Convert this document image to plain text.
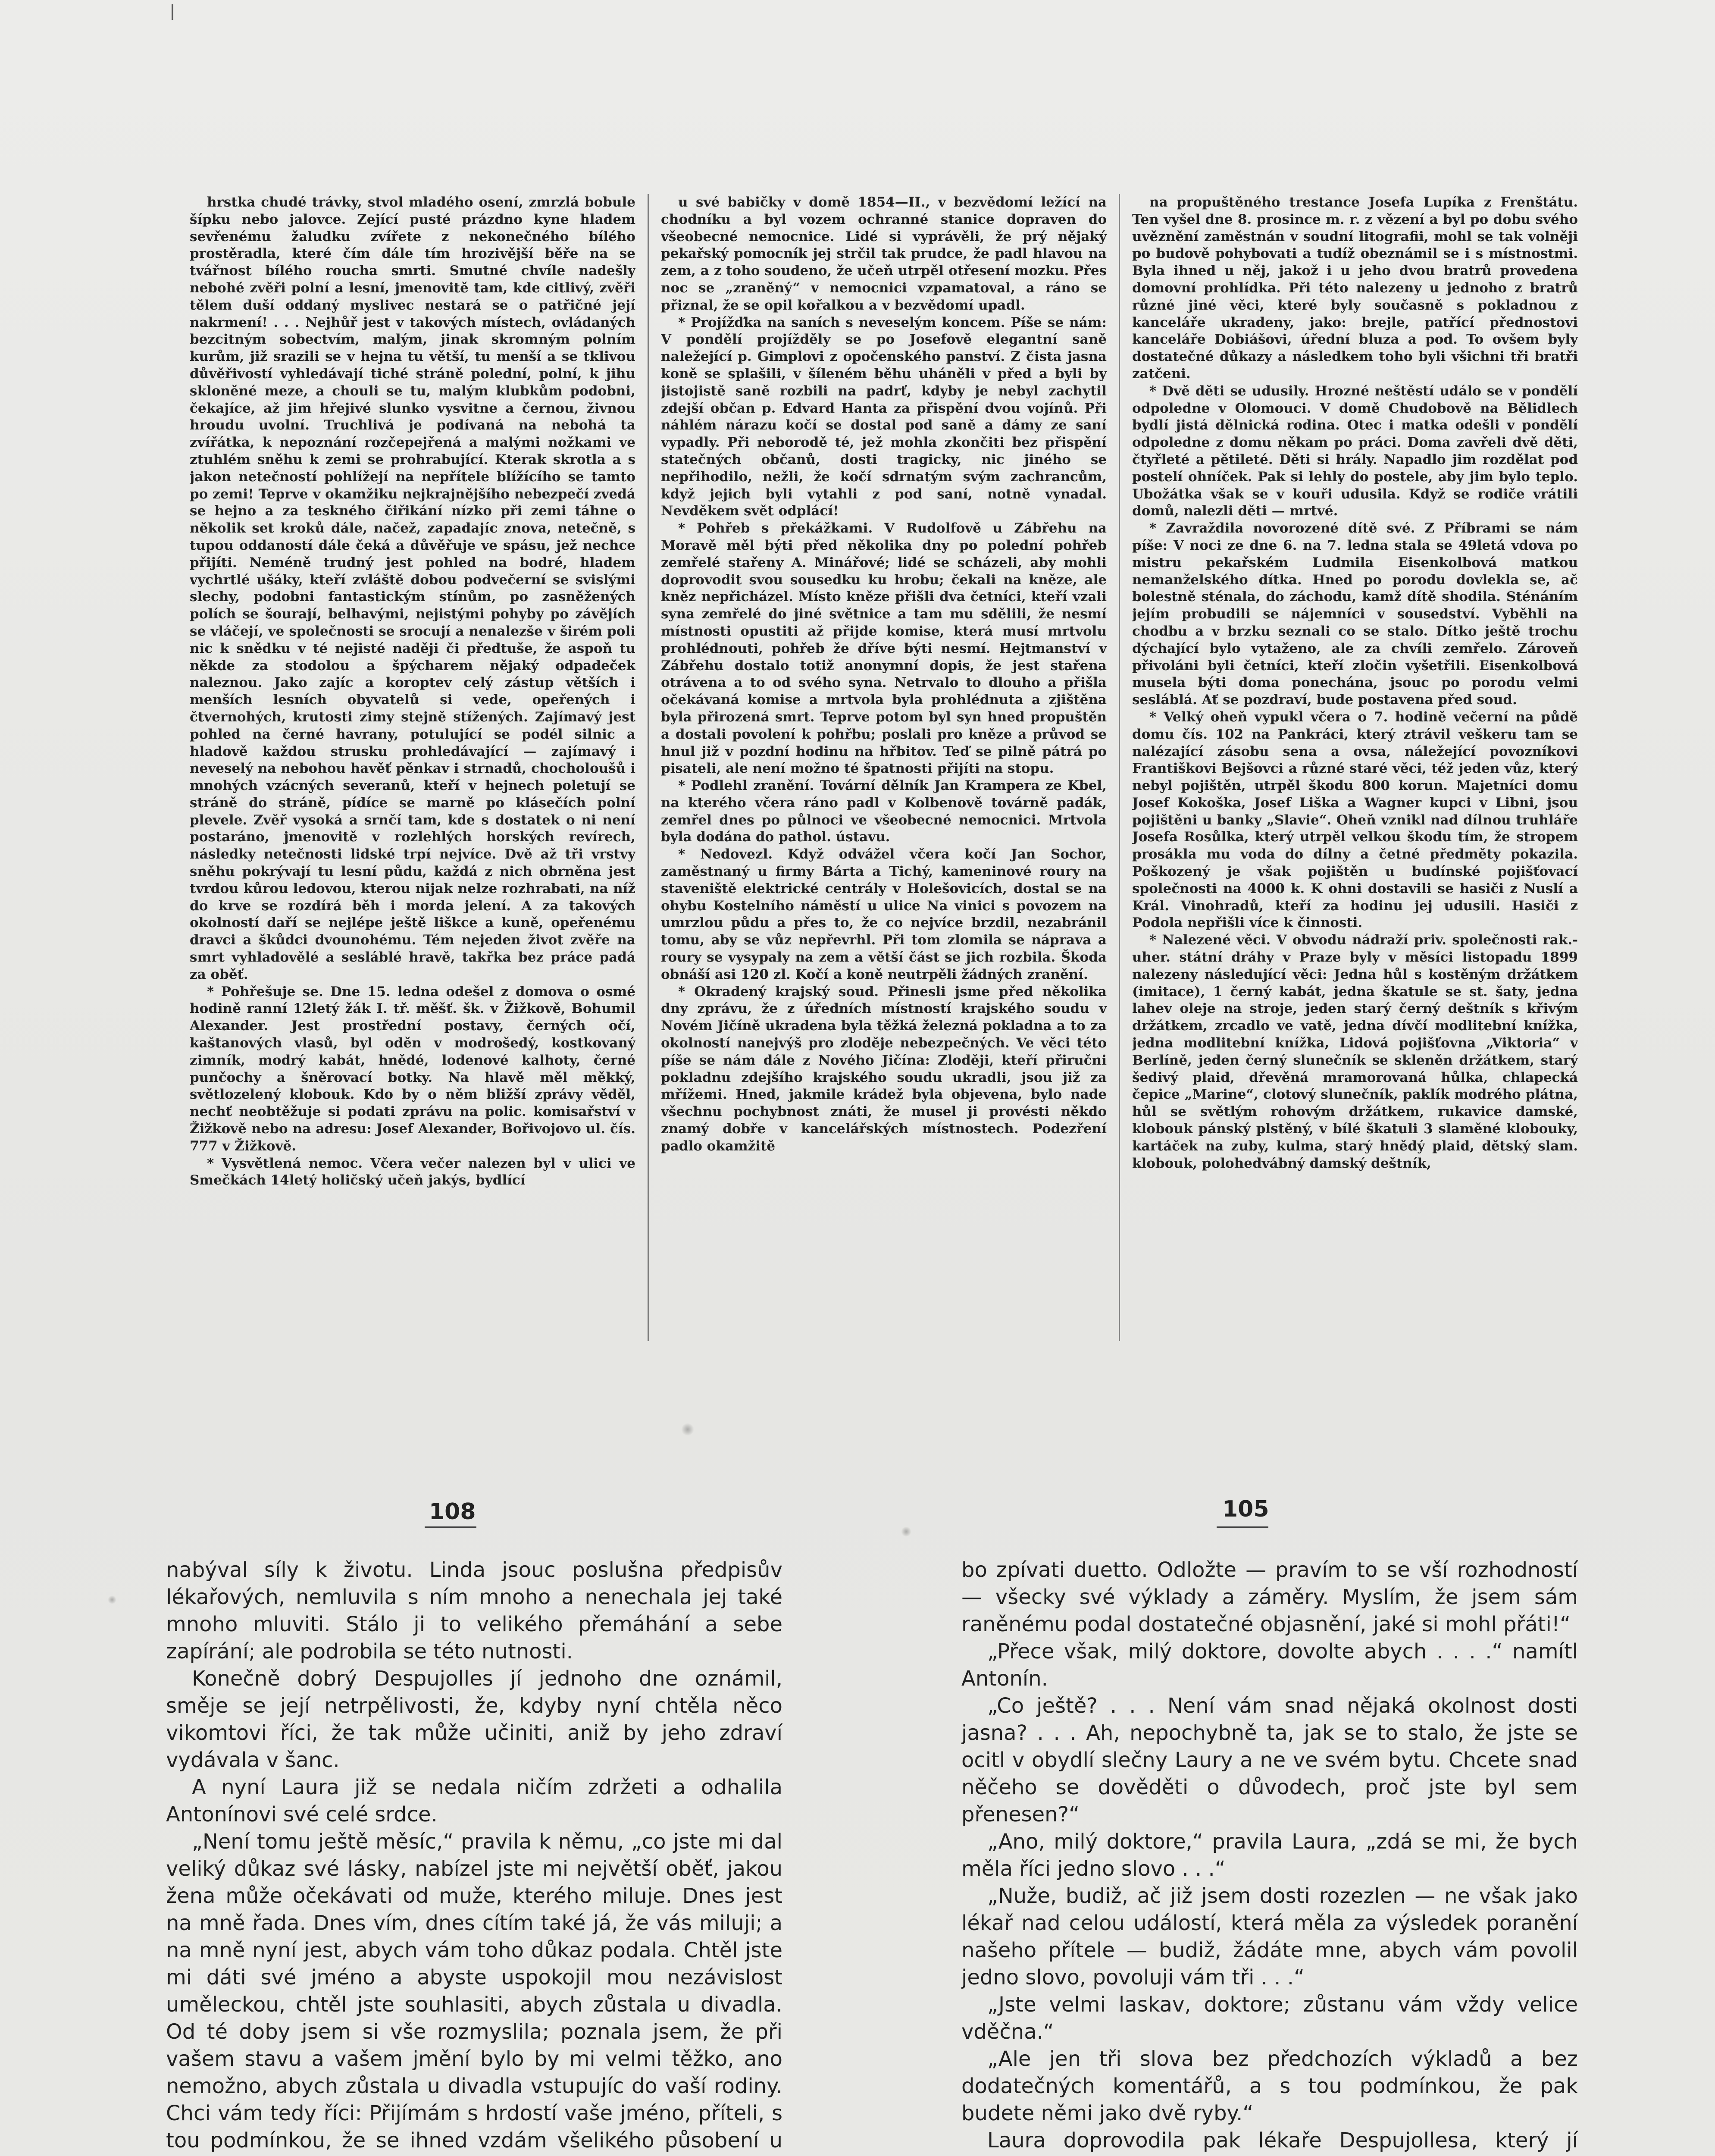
hrstka chudé trávky, stvol mladého osení, zmrzlá bobule šípku nebo jalovce. Zející pusté prázdno kyne hladem sevřenému žaludku zvířete z nekonečného bílého prostěradla, které čím dále tím hrozivější běře na se tvářnost bílého roucha smrti. Smutné chvíle nadešly nebohé zvěři polní a lesní, jmenovitě tam, kde citlivý, zvěři tělem duší oddaný myslivec nestará se o patřičné její nakrmení! . . . Nejhůř jest v takových místech, ovládaných bezcitným sobectvím, malým, jinak skromným polním kurům, již srazili se v hejna tu větší, tu menší a se tklivou důvěřivostí vyhledávají tiché stráně polední, polní, k jihu skloněné meze, a chouli se tu, malým klubkům podobni, čekajíce, až jim hřejivé slunko vysvitne a černou, živnou hroudu uvolní. Truchlivá je podívaná na nebohá ta zvířátka, k nepoznání rozčepejřená a malými nožkami ve ztuhlém sněhu k zemi se prohrabující. Kterak skrotla a s jakon netečností pohlížejí na nepřítele blížícího se tamto po zemi! Teprve v okamžiku nejkrajnějšího nebezpečí zvedá se hejno a za teskného čiřikání nízko při zemi táhne o několik set kroků dále, načež, zapadajíc znova, netečně, s tupou oddaností dále čeká a důvěřuje ve spásu, jež nechce přijíti. Neméně trudný jest pohled na bodré, hladem vychrtlé ušáky, kteří zvláště dobou podvečerní se svislými slechy, podobni fantastickým stínům, po zasněžených polích se šourají, belhavými, nejistými pohyby po závějích se vláčejí, ve společnosti se srocují a nenalezše v širém poli nic k snědku v té nejisté naději či předtuše, že aspoň tu někde za stodolou a špýcharem nějaký odpadeček naleznou. Jako zajíc a koroptev celý zástup větších i menších lesních obyvatelů si vede, opeřených i čtvernohých, krutosti zimy stejně stížených. Zajímavý jest pohled na černé havrany, potulující se podél silnic a hladově každou strusku prohledávající — zajímavý i neveselý na nebohou havěť pěnkav i strnadů, chocholoušů i mnohých vzácných severanů, kteří v hejnech poletují se stráně do stráně, pídíce se marně po klásečích polní plevele. Zvěř vysoká a srnčí tam, kde s dostatek o ni není postaráno, jmenovitě v rozlehlých horských revírech, následky netečnosti lidské trpí nejvíce. Dvě až tři vrstvy sněhu pokrývají tu lesní půdu, každá z nich obrněna jest tvrdou kůrou ledovou, kterou nijak nelze rozhrabati, na níž do krve se rozdírá běh i morda jelení. A za takových okolností daří se nejlépe ještě liškce a kuně, opeřenému dravci a škůdci dvounohému. Tém nejeden život zvěře na smrt vyhladovělé a sesláblé hravě, takřka bez práce padá za oběť.

* Pohřešuje se. Dne 15. ledna odešel z domova o osmé hodině ranní 12letý žák I. tř. měšť. šk. v Žižkově, Bohumil Alexander. Jest prostřední postavy, černých očí, kaštanových vlasů, byl oděn v modrošedý, kostkovaný zimník, modrý kabát, hnědé, lodenové kalhoty, černé punčochy a šněrovací botky. Na hlavě měl měkký, světlozelený klobouk. Kdo by o něm bližší zprávy věděl, nechť neobtěžuje si podati zprávu na polic. komisařství v Žižkově nebo na adresu: Josef Alexander, Bořivojovo ul. čís. 777 v Žižkově.

* Vysvětlená nemoc. Včera večer nalezen byl v ulici ve Smečkách 14letý holičský učeň jakýs, bydlící

u své babičky v domě 1854—II., v bezvědomí ležící na chodníku a byl vozem ochranné stanice dopraven do všeobecné nemocnice. Lidé si vyprávěli, že prý nějaký pekařský pomocník jej strčil tak prudce, že padl hlavou na zem, a z toho soudeno, že učeň utrpěl otřesení mozku. Přes noc se „zraněný“ v nemocnici vzpamatoval, a ráno se přiznal, že se opil kořalkou a v bezvědomí upadl.

* Projížďka na saních s neveselým koncem. Píše se nám: V pondělí projížděly se po Josefově elegantní saně naležející p. Gimplovi z opočenského panství. Z čista jasna koně se splašili, v šíleném běhu uháněli v před a byli by jistojistě saně rozbili na padrť, kdyby je nebyl zachytil zdejší občan p. Edvard Hanta za přispění dvou vojínů. Při náhlém nárazu kočí se dostal pod saně a dámy ze saní vypadly. Při neborodě té, jež mohla zkončiti bez přispění statečných občanů, dosti tragicky, nic jiného se nepřihodilo, nežli, že kočí sdrnatým svým zachrancům, když jejich byli vytahli z pod saní, notně vynadal. Nevděkem svět odplácí!

* Pohřeb s překážkami. V Rudolfově u Zábřehu na Moravě měl býti před několika dny po polední pohřeb zemřelé stařeny A. Minářové; lidé se scházeli, aby mohli doprovodit svou sousedku ku hrobu; čekali na kněze, ale kněz nepřicházel. Místo kněze přišli dva četníci, kteří vzali syna zemřelé do jiné světnice a tam mu sdělili, že nesmí místnosti opustiti až přijde komise, která musí mrtvolu prohlédnouti, pohřeb že dříve býti nesmí. Hejtmanství v Zábřehu dostalo totiž anonymní dopis, že jest stařena otrávena a to od svého syna. Netrvalo to dlouho a přišla očekávaná komise a mrtvola byla prohlédnuta a zjištěna byla přirozená smrt. Teprve potom byl syn hned propuštěn a dostali povolení k pohřbu; poslali pro kněze a průvod se hnul již v pozdní hodinu na hřbitov. Teď se pilně pátrá po pisateli, ale není možno té špatnosti přijíti na stopu.

* Podlehl zranění. Tovární dělník Jan Krampera ze Kbel, na kterého včera ráno padl v Kolbenově továrně padák, zemřel dnes po půlnoci ve všeobecné nemocnici. Mrtvola byla dodána do pathol. ústavu.

* Nedovezl. Když odvážel včera kočí Jan Sochor, zaměstnaný u firmy Bárta a Tichý, kameninové roury na staveniště elektrické centrály v Holešovicích, dostal se na ohybu Kostelního náměstí u ulice Na vinici s povozem na umrzlou půdu a přes to, že co nejvíce brzdil, nezabránil tomu, aby se vůz nepřevrhl. Při tom zlomila se náprava a roury se vysypaly na zem a větší část se jich rozbila. Škoda obnáší asi 120 zl. Kočí a koně neutrpěli žádných zranění.

* Okradený krajský soud. Přinesli jsme před několika dny zprávu, že z úředních místností krajského soudu v Novém Jičíně ukradena byla těžká železná pokladna a to za okolností nanejvýš pro zloděje nebezpečných. Ve věci této píše se nám dále z Nového Jičína: Zloději, kteří přiručni pokladnu zdejšího krajského soudu ukradli, jsou již za mřížemi. Hned, jakmile krádež byla objevena, bylo nade všechnu pochybnost znáti, že musel ji provésti někdo znamý dobře v kancelářských místnostech. Podezření padlo okamžitě

na propuštěného trestance Josefa Lupíka z Frenštátu. Ten vyšel dne 8. prosince m. r. z vězení a byl po dobu svého uvěznění zaměstnán v soudní litografii, mohl se tak volněji po budově pohybovati a tudíž obeznámil se i s místnostmi. Byla ihned u něj, jakož i u jeho dvou bratrů provedena domovní prohlídka. Při této nalezeny u jednoho z bratrů různé jiné věci, které byly současně s pokladnou z kanceláře ukradeny, jako: brejle, patřící přednostovi kanceláře Dobiášovi, úřední bluza a pod. To ovšem byly dostatečné důkazy a následkem toho byli všichni tři bratři zatčeni.

* Dvě děti se udusily. Hrozné neštěstí událo se v pondělí odpoledne v Olomouci. V domě Chudobově na Bělidlech bydlí jistá dělnická rodina. Otec i matka odešli v pondělí odpoledne z domu někam po práci. Doma zavřeli dvě děti, čtyřleté a pětileté. Děti si hrály. Napadlo jim rozdělat pod postelí ohníček. Pak si lehly do postele, aby jim bylo teplo. Ubožátka však se v kouři udusila. Když se rodiče vrátili domů, nalezli děti — mrtvé.

* Zavraždila novorozené dítě své. Z Příbrami se nám píše: V noci ze dne 6. na 7. ledna stala se 49letá vdova po mistru pekařském Ludmila Eisenkolbová matkou nemanželského dítka. Hned po porodu dovlekla se, ač bolestně sténala, do záchodu, kamž dítě shodila. Sténáním jejím probudili se nájemníci v sousedství. Vyběhli na chodbu a v brzku seznali co se stalo. Dítko ještě trochu dýchající bylo vytaženo, ale za chvíli zemřelo. Zároveň přivoláni byli četníci, kteří zločin vyšetřili. Eisenkolbová musela býti doma ponechána, jsouc po porodu velmi sesláblá. Ať se pozdraví, bude postavena před soud.

* Velký oheň vypukl včera o 7. hodině večerní na půdě domu čís. 102 na Pankráci, který ztrávil veškeru tam se nalézající zásobu sena a ovsa, náležející povozníkovi Františkovi Bejšovci a různé staré věci, též jeden vůz, který nebyl pojištěn, utrpěl škodu 800 korun. Majetníci domu Josef Kokoška, Josef Liška a Wagner kupci v Libni, jsou pojištěni u banky „Slavie“. Oheň vznikl nad dílnou truhláře Josefa Rosůlka, který utrpěl velkou škodu tím, že stropem prosákla mu voda do dílny a četné předměty pokazila. Poškozený je však pojištěn u budínské pojišťovací společnosti na 4000 k. K ohni dostavili se hasiči z Nuslí a Král. Vinohradů, kteří za hodinu jej udusili. Hasiči z Podola nepřišli více k činnosti.

* Nalezené věci. V obvodu nádraží priv. společnosti rak.-uher. státní dráhy v Praze byly v měsíci listopadu 1899 nalezeny následující věci: Jedna hůl s kostěným držátkem (imitace), 1 černý kabát, jedna škatule se st. šaty, jedna lahev oleje na stroje, jeden starý černý deštník s křivým držátkem, zrcadlo ve vatě, jedna dívčí modlitební knížka, jedna modlitební knížka, Lidová pojišťovna „Viktoria“ v Berlíně, jeden černý slunečník se skleněn držátkem, starý šedivý plaid, dřevěná mramorovaná hůlka, chlapecká čepice „Marine“, clotový slunečník, paklík modrého plátna, hůl se světlým rohovým držátkem, rukavice damské, klobouk pánský plstěný, v bílé škatuli 3 slaměné klobouky, kartáček na zuby, kulma, starý hnědý plaid, dětský slam. klobouk, polohedvábný damský deštník,

108	105

nabýval síly k životu. Linda jsouc poslušna předpisův lékařových, nemluvila s ním mnoho a nenechala jej také mnoho mluviti. Stálo ji to velikého přemáhání a sebe zapírání; ale podrobila se této nutnosti.

Konečně dobrý Despujolles jí jednoho dne oznámil, směje se její netrpělivosti, že, kdyby nyní chtěla něco vikomtovi říci, že tak může učiniti, aniž by jeho zdraví vydávala v šanc.

A nyní Laura již se nedala ničím zdržeti a odhalila Antonínovi své celé srdce.

„Není tomu ještě měsíc,“ pravila k němu, „co jste mi dal veliký důkaz své lásky, nabízel jste mi největší oběť, jakou žena může očekávati od muže, kterého miluje. Dnes jest na mně řada. Dnes vím, dnes cítím také já, že vás miluji; a na mně nyní jest, abych vám toho důkaz podala. Chtěl jste mi dáti své jméno a abyste uspokojil mou nezávislost uměleckou, chtěl jste souhlasiti, abych zůstala u divadla. Od té doby jsem si vše rozmyslila; poznala jsem, že při vašem stavu a vašem jmění bylo by mi velmi těžko, ano nemožno, abych zůstala u divadla vstupujíc do vaší rodiny. Chci vám tedy říci: Přijímám s hrdostí vaše jméno, příteli, s tou podmínkou, že se ihned vzdám všelikého působení u

bo zpívati duetto. Odložte — pravím to se vší rozhodností — všecky své výklady a záměry. Myslím, že jsem sám raněnému podal dostatečné objasnění, jaké si mohl přáti!“

„Přece však, milý doktore, dovolte abych . . . .“ namítl Antonín.

„Co ještě? . . . Není vám snad nějaká okolnost dosti jasna? . . . Ah, nepochybně ta, jak se to stalo, že jste se ocitl v obydlí slečny Laury a ne ve svém bytu. Chcete snad něčeho se dověděti o důvodech, proč jste byl sem přenesen?“

„Ano, milý doktore,“ pravila Laura, „zdá se mi, že bych měla říci jedno slovo . . .“

„Nuže, budiž, ač již jsem dosti rozezlen — ne však jako lékař nad celou událostí, která měla za výsledek poranění našeho přítele — budiž, žádáte mne, abych vám povolil jedno slovo, povoluji vám tři . . .“

„Jste velmi laskav, doktore; zůstanu vám vždy velice vděčna.“

„Ale jen tři slova bez předchozích výkladů a bez dodatečných komentářů, a s tou podmínkou, že pak budete němi jako dvě ryby.“

Laura doprovodila pak lékaře Despujollesa, který jí
